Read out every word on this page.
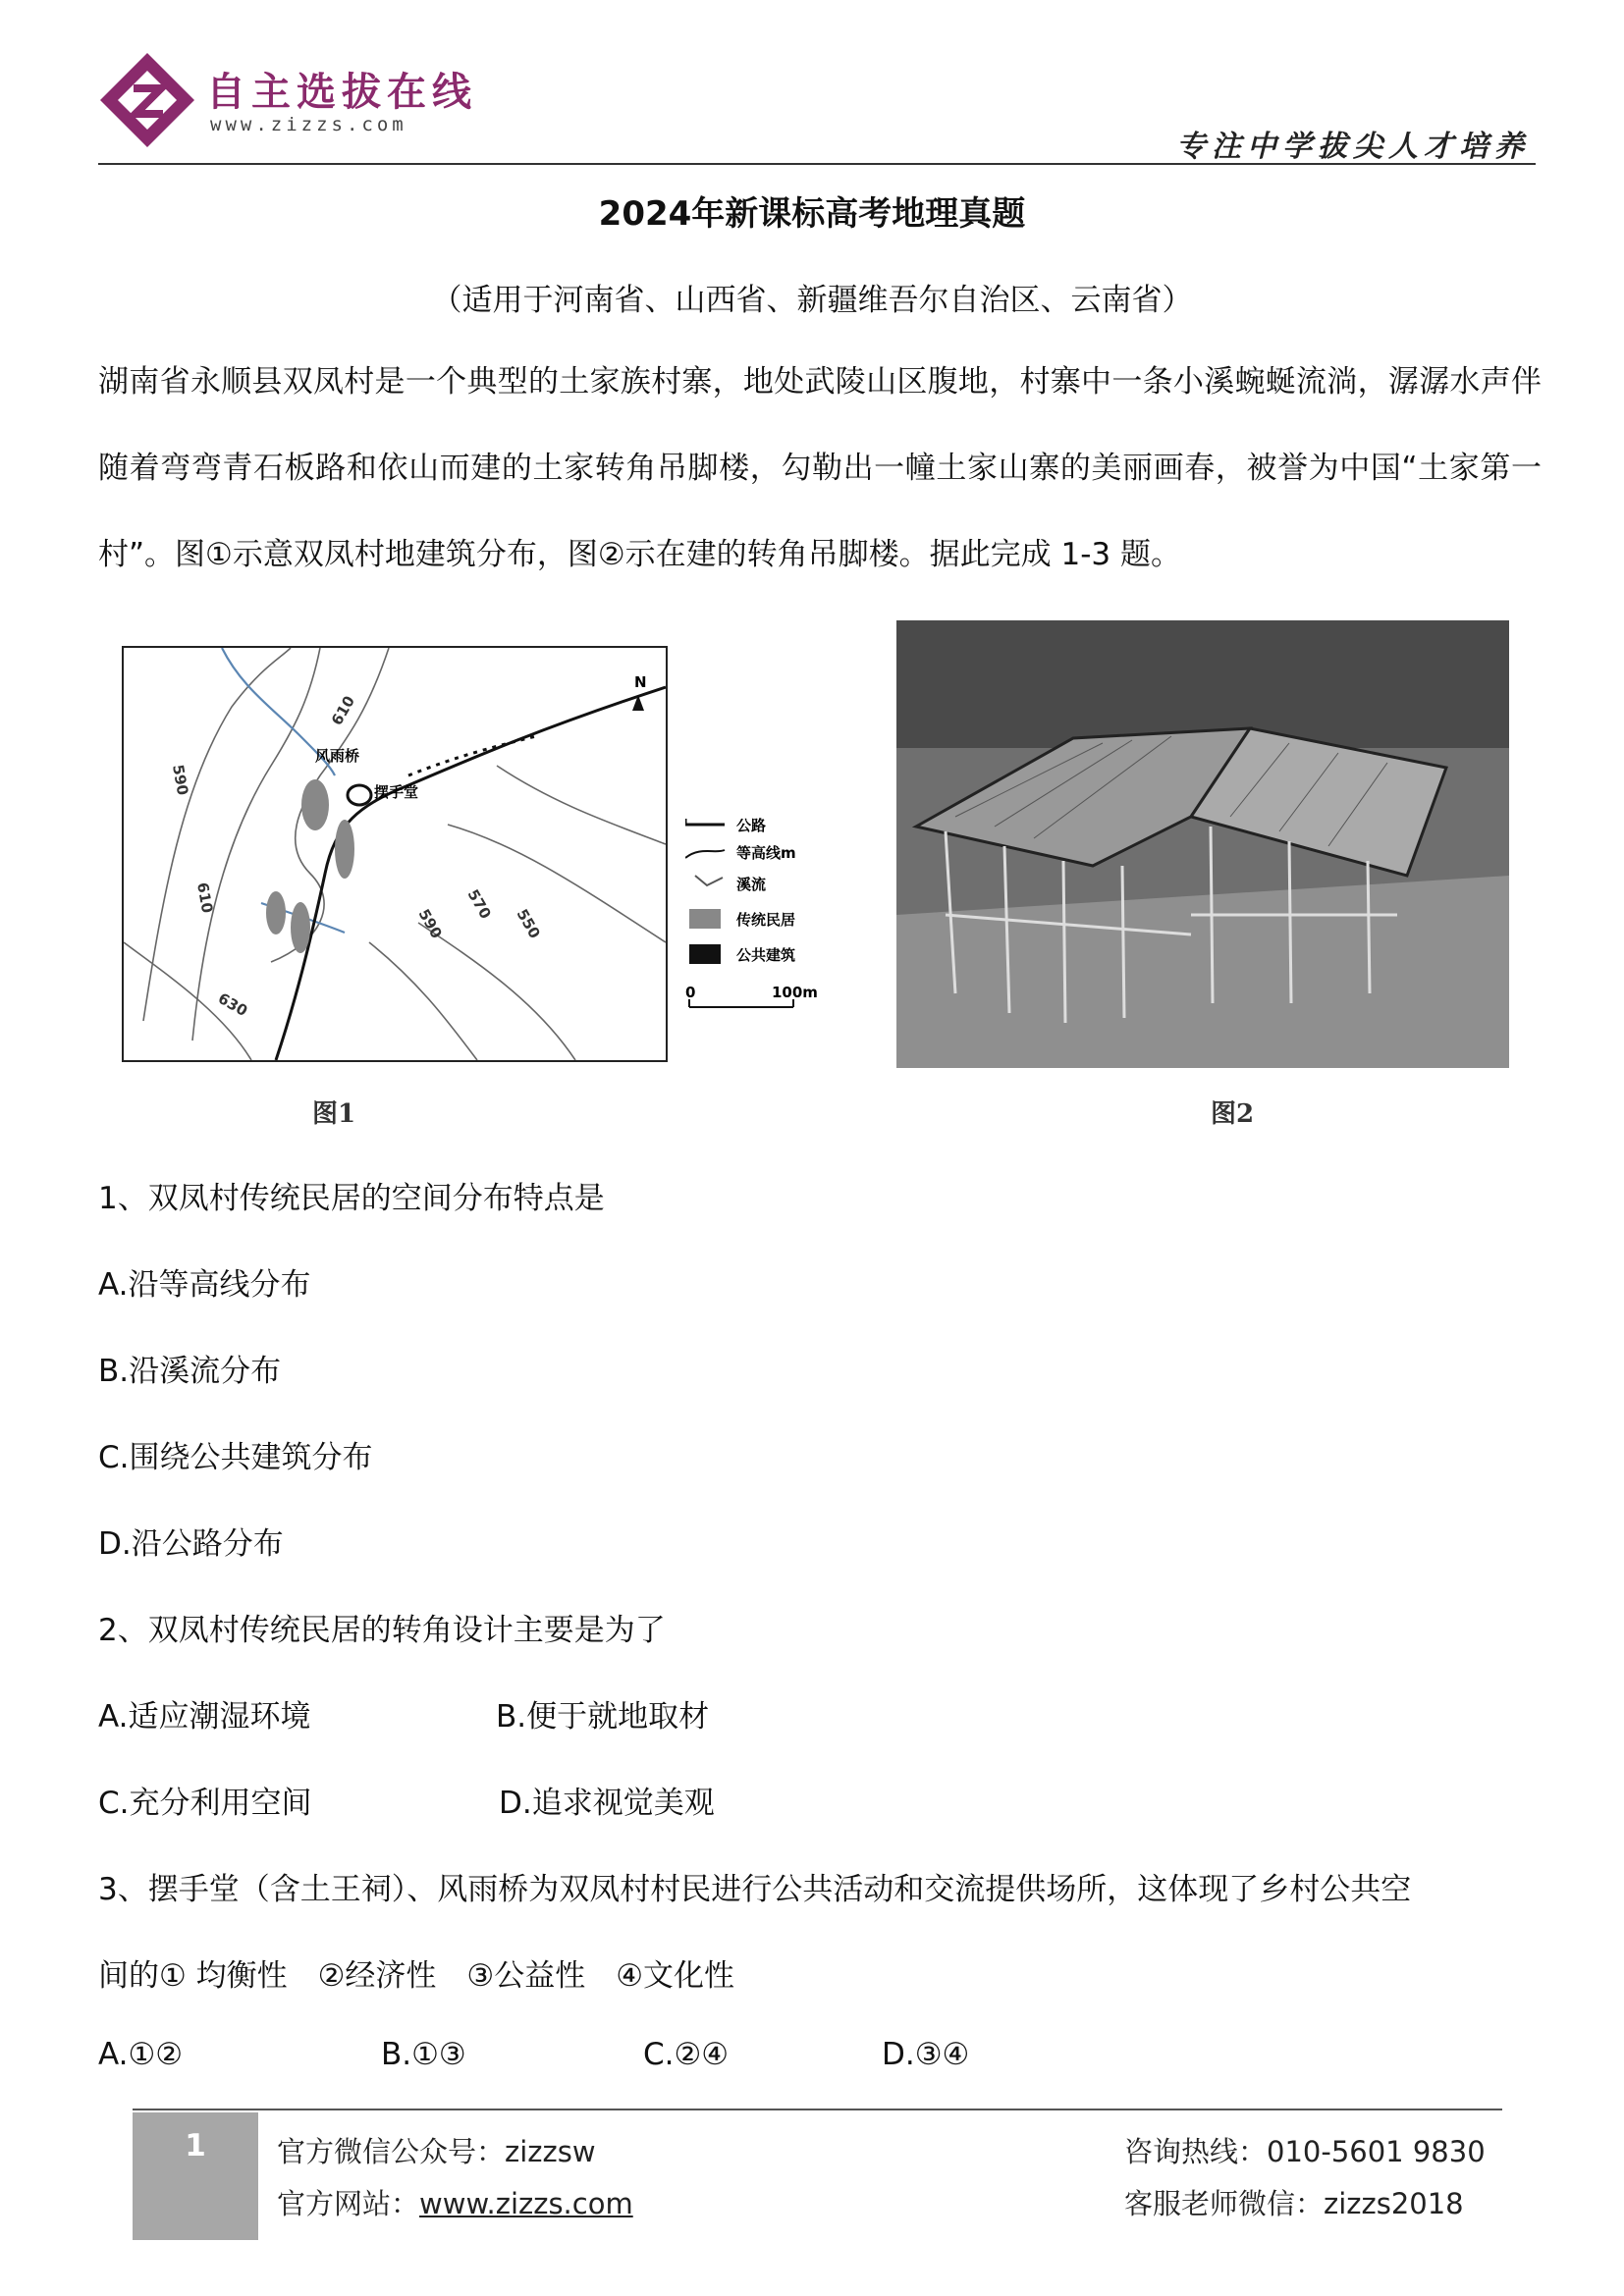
自主选拔在线
www.zizzs.com
专注中学拔尖人才培养
2024年新课标高考地理真题
（适用于河南省、山西省、新疆维吾尔自治区、云南省）
湖南省永顺县双凤村是一个典型的土家族村寨，地处武陵山区腹地，村寨中一条小溪蜿蜒流淌，潺潺水声伴随着弯弯青石板路和依山而建的土家转角吊脚楼，勾勒出一幢土家山寨的美丽画春，被誉为中国“土家第一村”。图①示意双凤村地建筑分布，图②示在建的转角吊脚楼。据此完成 1-3 题。
风雨桥
摆手堂
N
590
610
610
630
590
570
550
公路
等高线m
溪流
传统民居
公共建筑
0	100m
图1	图2
1、双凤村传统民居的空间分布特点是
A.沿等高线分布
B.沿溪流分布
C.围绕公共建筑分布
D.沿公路分布
2、双凤村传统民居的转角设计主要是为了
A.适应潮湿环境	B.便于就地取材
C.充分利用空间	D.追求视觉美观
3、摆手堂（含土王祠）、风雨桥为双凤村村民进行公共活动和交流提供场所，这体现了乡村公共空
间的① 均衡性　②经济性　③公益性　④文化性
A.①②	B.①③	C.②④	D.③④
1	官方微信公众号：zizzsw
官方网站：www.zizzs.com
咨询热线：010-5601 9830
客服老师微信：zizzs2018
